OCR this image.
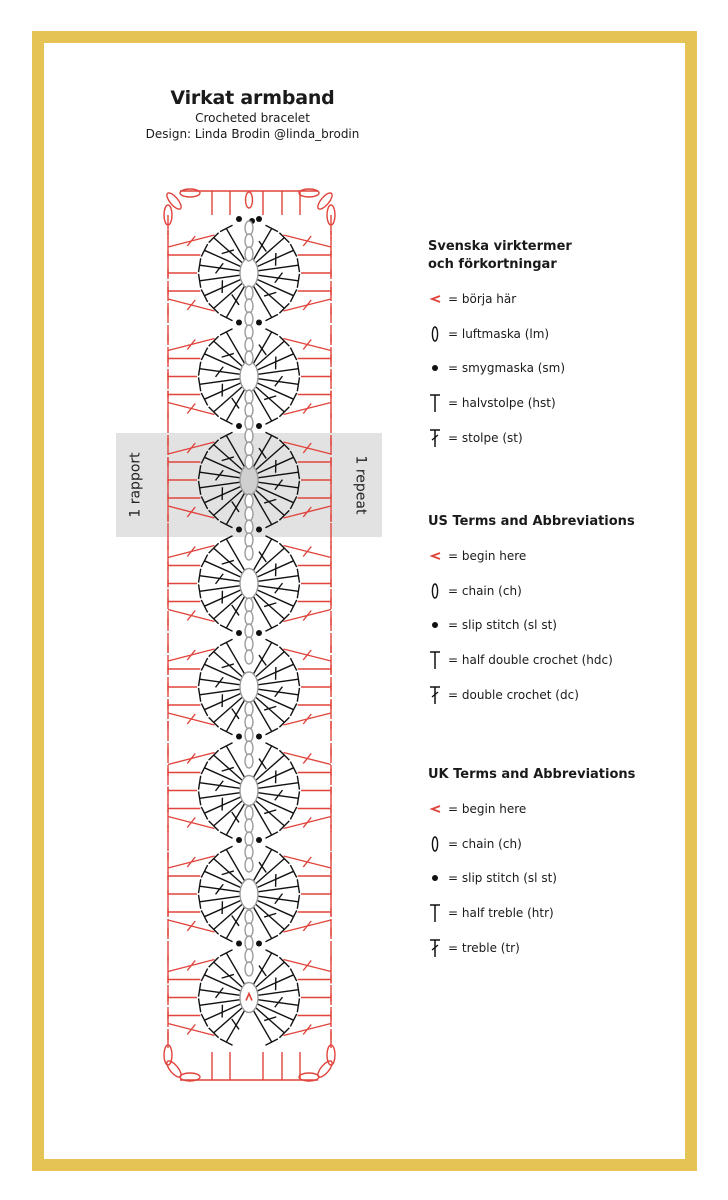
Virkat armband
Crocheted bracelet
Design: Linda Brodin @linda_brodin
1 rapport	1 repeat
Svenska virktermer
och förkortningar
= börja här
= luftmaska (lm)
= smygmaska (sm)
= halvstolpe (hst)
= stolpe (st)
US Terms and Abbreviations
= begin here
= chain (ch)
= slip stitch (sl st)
= half double crochet (hdc)
= double crochet (dc)
UK Terms and Abbreviations
= begin here
= chain (ch)
= slip stitch (sl st)
= half treble (htr)
= treble (tr)
